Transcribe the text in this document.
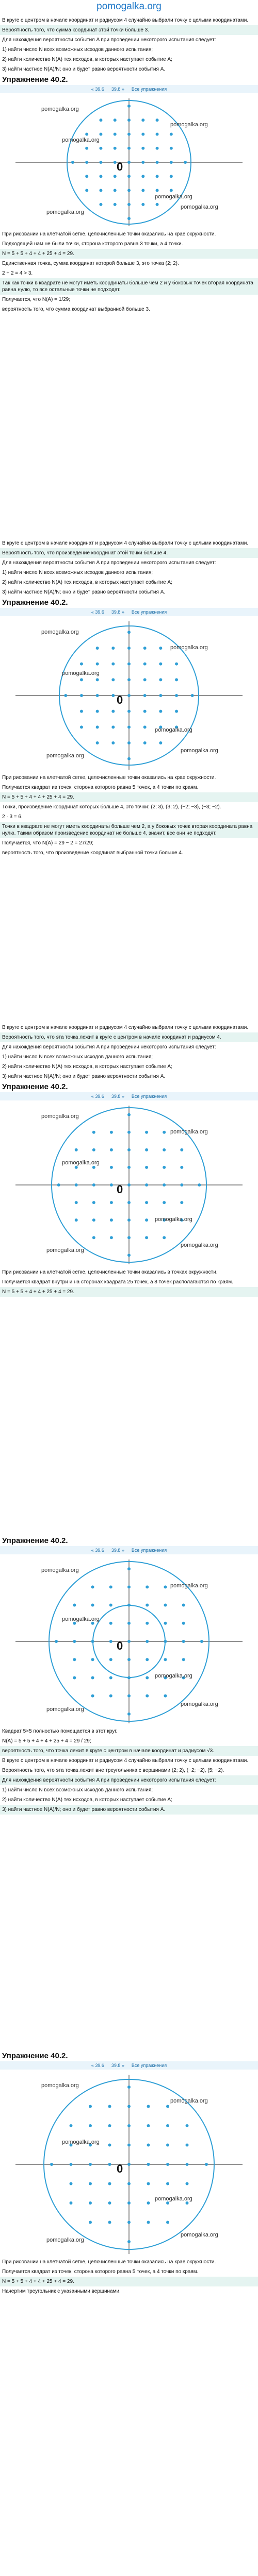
pomogalka.org

В круге с центром в начале координат и радиусом 4 случайно выбрали точку с целыми координатами.

Вероятность того, что сумма координат этой точки больше 3.

Для нахождения вероятности события A при проведении некоторого испытания следует:

1) найти число N всех возможных исходов данного испытания;

2) найти количество N(A) тех исходов, в которых наступает событие A;

3) найти частное N(A)/N; оно и будет равно вероятности события A.

Упражнение 40.2.
« 39.6 39.8 » Все упражнения
0
pomogalka.org
pomogalka.org
pomogalka.org
pomogalka.org
pomogalka.org
pomogalka.org

При рисовании на клетчатой сетке, целочисленные точки оказались на крае окружности.

Подходящей нам не были точки, сторона которого равна 3 точки, а 4 точки.

N = 5 + 5 + 4 + 4 + 25 + 4 = 29.

Единственная точка, сумма координат которой больше 3, это точка (2; 2).

2 + 2 = 4 > 3.

Так как точки в квадрате не могут иметь координаты больше чем 2 и у боковых точек вторая координата равна нулю, то все остальные точки не подходят.

Получается, что N(A) = 1/29;

вероятность того, что сумма координат выбранной больше 3.

В круге с центром в начале координат и радиусом 4 случайно выбрали точку с целыми координатами.

Вероятность того, что произведение координат этой точки больше 4.

Для нахождения вероятности события A при проведении некоторого испытания следует:

1) найти число N всех возможных исходов данного испытания;

2) найти количество N(A) тех исходов, в которых наступает событие A;

3) найти частное N(A)/N; оно и будет равно вероятности события A.

Упражнение 40.2.
« 39.6 39.8 » Все упражнения
0
pomogalka.org
pomogalka.org
pomogalka.org
pomogalka.org
pomogalka.org
pomogalka.org

При рисовании на клетчатой сетке, целочисленные точки оказались на крае окружности.

Получается квадрат из точек, сторона которого равна 5 точек, а 4 точки по краям.

N = 5 + 5 + 4 + 4 + 25 + 4 = 29.

Точки, произведение координат которых больше 4, это точки: (2; 3), (3; 2), (−2; −3), (−3; −2).

2 · 3 = 6.

Точки в квадрате не могут иметь координаты больше чем 2, а у боковых точек вторая координата равна нулю. Таким образом произведение координат не больше 4, значит, все они не подходят.

Получается, что N(A) = 29 − 2 = 27/29;

вероятность того, что произведение координат выбранной точки больше 4.

В круге с центром в начале координат и радиусом 4 случайно выбрали точку с целыми координатами.

Вероятность того, что эта точка лежит в круге с центром в начале координат и радиусом 4.

Для нахождения вероятности события A при проведении некоторого испытания следует:

1) найти число N всех возможных исходов данного испытания;

2) найти количество N(A) тех исходов, в которых наступает событие A;

3) найти частное N(A)/N; оно и будет равно вероятности события A.

Упражнение 40.2.
« 39.6 39.8 » Все упражнения
0
pomogalka.org
pomogalka.org
pomogalka.org
pomogalka.org
pomogalka.org
pomogalka.org

При рисовании на клетчатой сетке, целочисленные точки оказались в точках окружности.

Получается квадрат внутри и на сторонах квадрата 25 точек, а 8 точек располагаются по краям.

N = 5 + 5 + 4 + 4 + 25 + 4 = 29.

Упражнение 40.2.
« 39.6 39.8 » Все упражнения
0
pomogalka.org
pomogalka.org
pomogalka.org
pomogalka.org
pomogalka.org
pomogalka.org

Квадрат 5×5 полностью помещается в этот круг.

N(A) = 5 + 5 + 4 + 4 + 25 + 4 = 29 / 29;

вероятность того, что точка лежит в круге с центром в начале координат и радиусом √3.

В круге с центром в начале координат и радиусом 4 случайно выбрали точку с целыми координатами.

Вероятность того, что эта точка лежит вне треугольника с вершинами (2; 2), (−2; −2), (5; −2).

Для нахождения вероятности события A при проведении некоторого испытания следует:

1) найти число N всех возможных исходов данного испытания;

2) найти количество N(A) тех исходов, в которых наступает событие A;

3) найти частное N(A)/N; оно и будет равно вероятности события A.

Упражнение 40.2.
« 39.6 39.8 » Все упражнения
0
pomogalka.org
pomogalka.org
pomogalka.org
pomogalka.org
pomogalka.org
pomogalka.org

При рисовании на клетчатой сетке, целочисленные точки оказались на крае окружности.

Получается квадрат из точек, сторона которого равна 5 точек, а 4 точки по краям.

N = 5 + 5 + 4 + 4 + 25 + 4 = 29.

Начертим треугольник с указанными вершинами.
